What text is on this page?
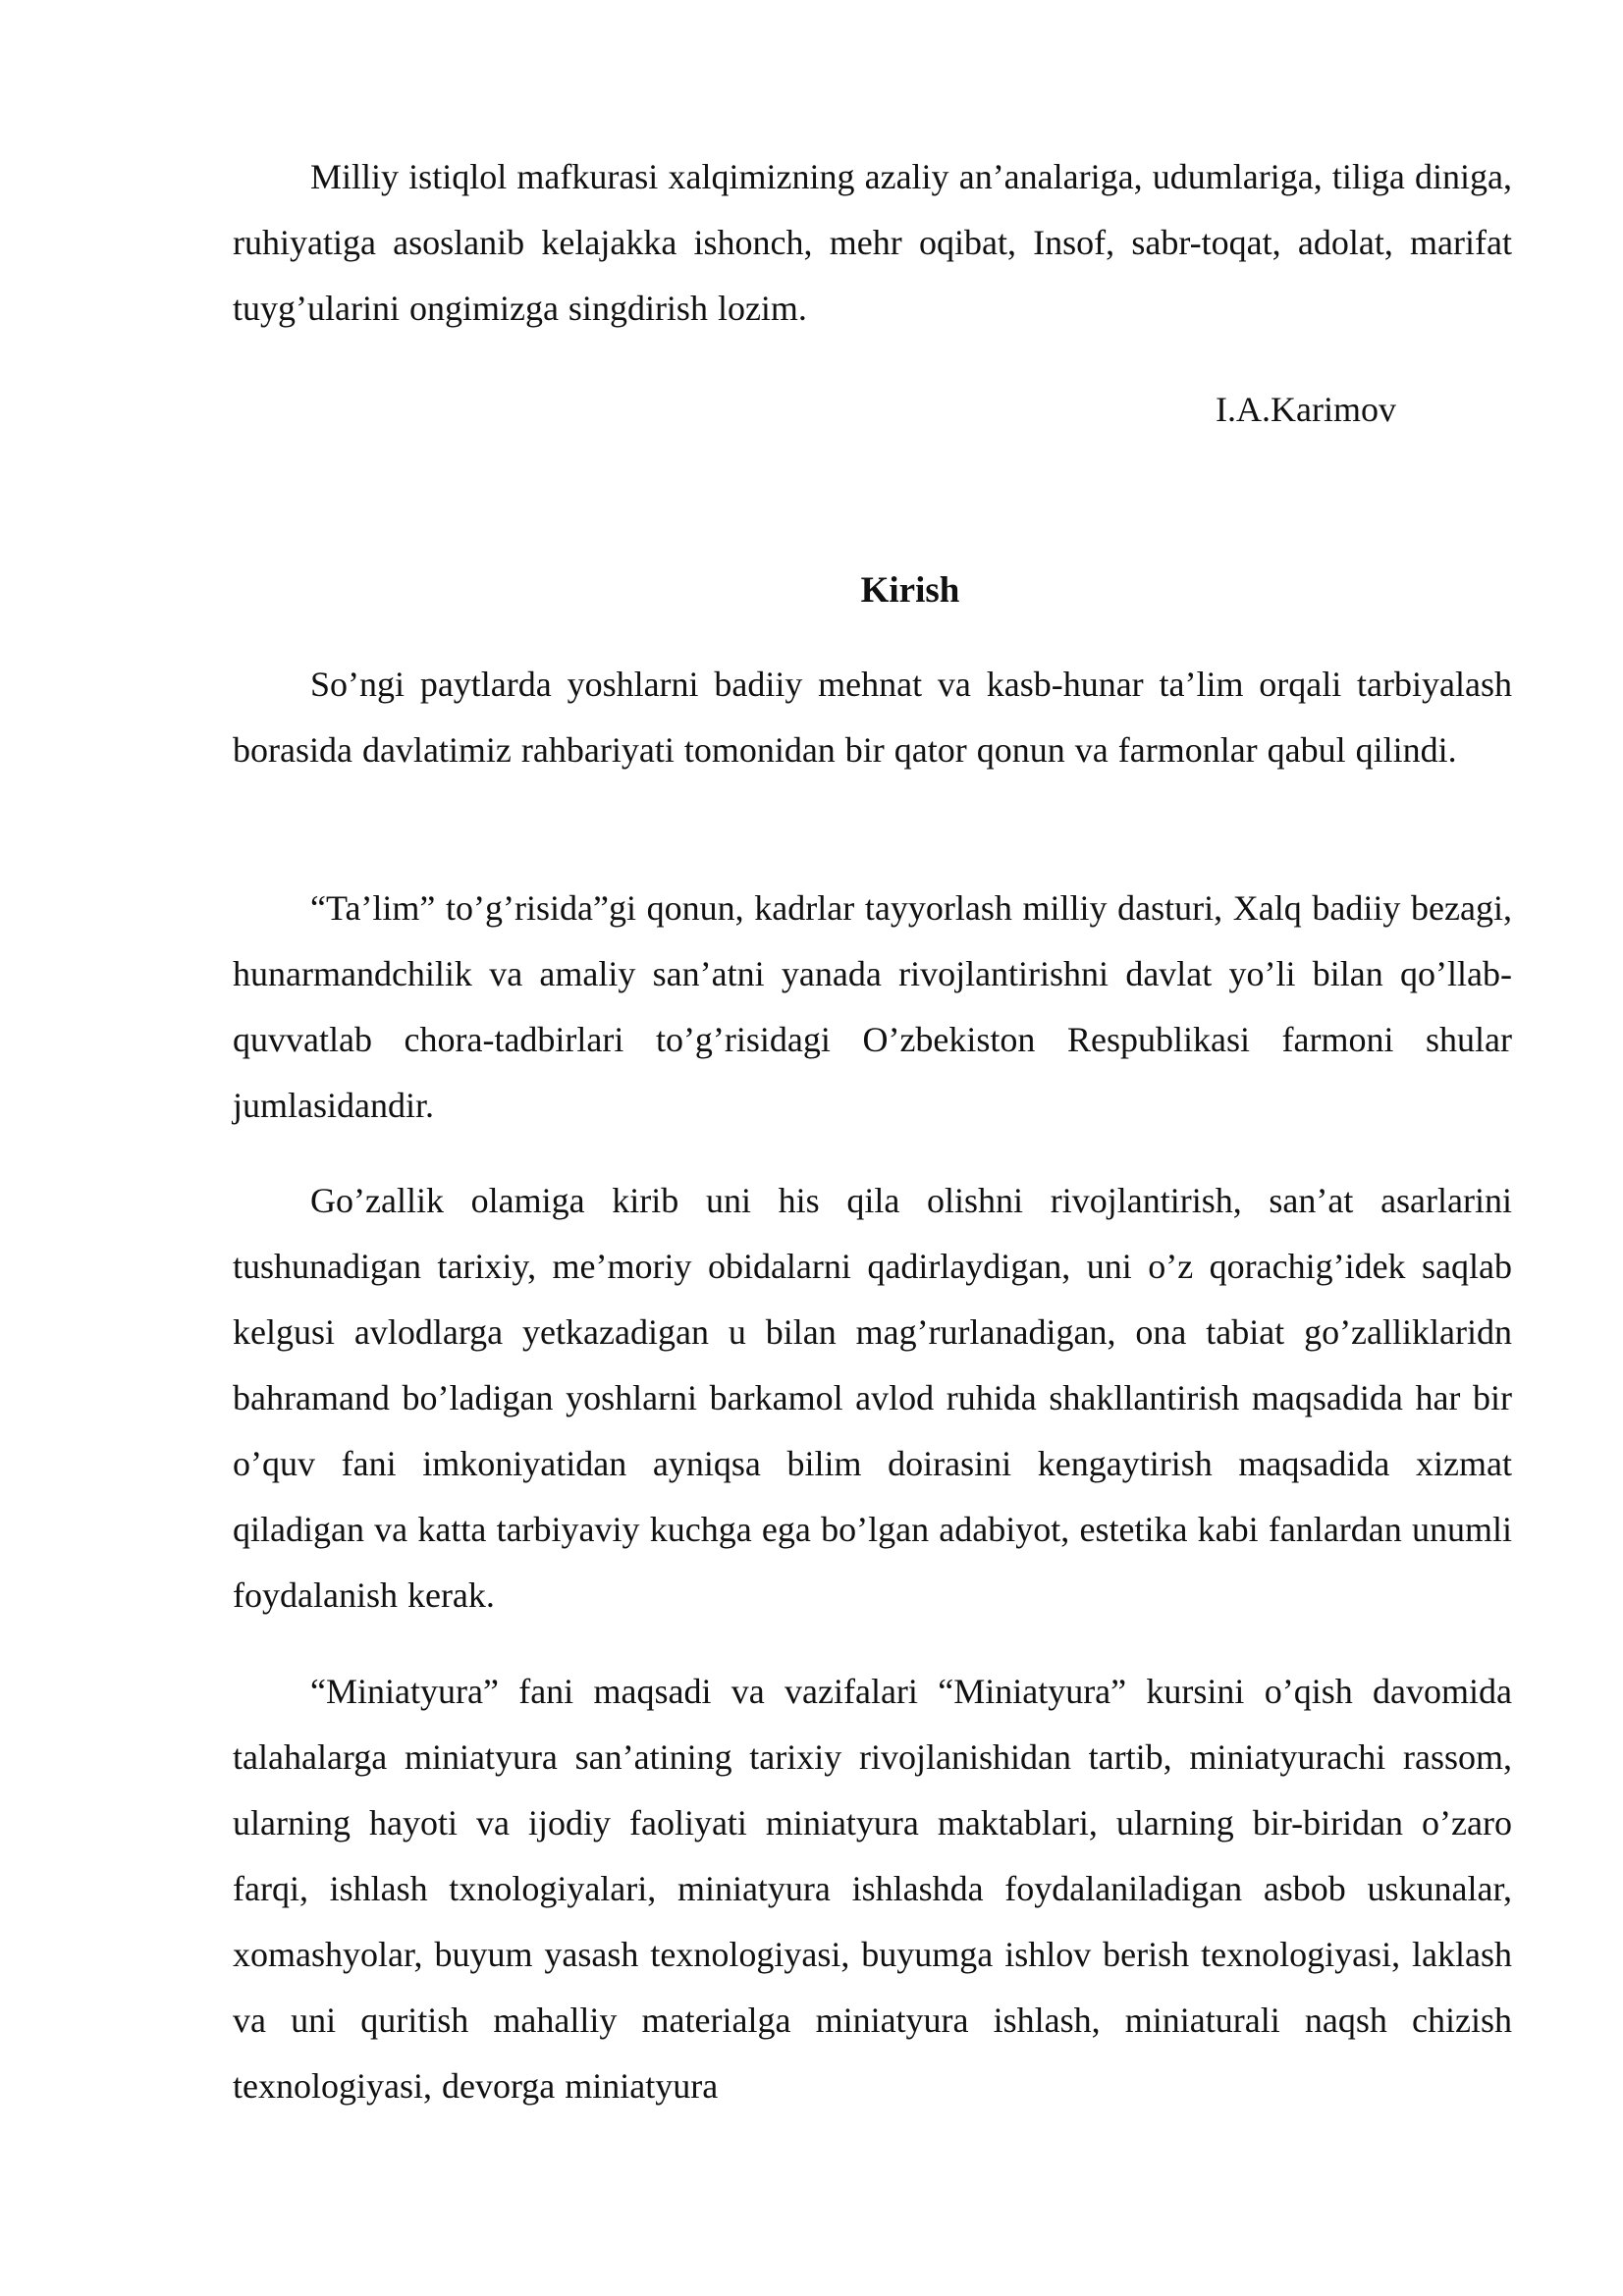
Milliy istiqlol mafkurasi xalqimizning azaliy an’analariga, udumlariga, tiliga diniga, ruhiyatiga asoslanib kelajakka ishonch, mehr oqibat, Insof, sabr-toqat, adolat, marifat tuyg’ularini ongimizga singdirish lozim.

I.A.Karimov

Kirish

So’ngi paytlarda yoshlarni badiiy mehnat va kasb-hunar ta’lim orqali tarbiyalash borasida davlatimiz rahbariyati tomonidan bir qator qonun va farmonlar qabul qilindi.

“Ta’lim” to’g’risida”gi qonun, kadrlar tayyorlash milliy dasturi, Xalq badiiy bezagi, hunarmandchilik va amaliy san’atni yanada rivojlantirishni davlat yo’li bilan qo’llab-quvvatlab chora-tadbirlari to’g’risidagi O’zbekiston Respublikasi farmoni shular jumlasidandir.

Go’zallik olamiga kirib uni his qila olishni rivojlantirish, san’at asarlarini tushunadigan tarixiy, me’moriy obidalarni qadirlaydigan, uni o’z qorachig’idek saqlab kelgusi avlodlarga yetkazadigan u bilan mag’rurlanadigan, ona tabiat go’zalliklaridn bahramand bo’ladigan yoshlarni barkamol avlod ruhida shakllantirish maqsadida har bir o’quv fani imkoniyatidan ayniqsa bilim doirasini kengaytirish maqsadida xizmat qiladigan va katta tarbiyaviy kuchga ega bo’lgan adabiyot, estetika kabi fanlardan unumli foydalanish kerak.

“Miniatyura” fani maqsadi va vazifalari “Miniatyura” kursini o’qish davomida talahalarga miniatyura san’atining tarixiy rivojlanishidan tartib, miniatyurachi rassom, ularning hayoti va ijodiy faoliyati miniatyura maktablari, ularning bir-biridan o’zaro farqi, ishlash txnologiyalari, miniatyura ishlashda foydalaniladigan asbob uskunalar, xomashyolar, buyum yasash texnologiyasi, buyumga ishlov berish texnologiyasi, laklash va uni quritish mahalliy materialga miniatyura ishlash, miniaturali naqsh chizish texnologiyasi, devorga miniatyura
